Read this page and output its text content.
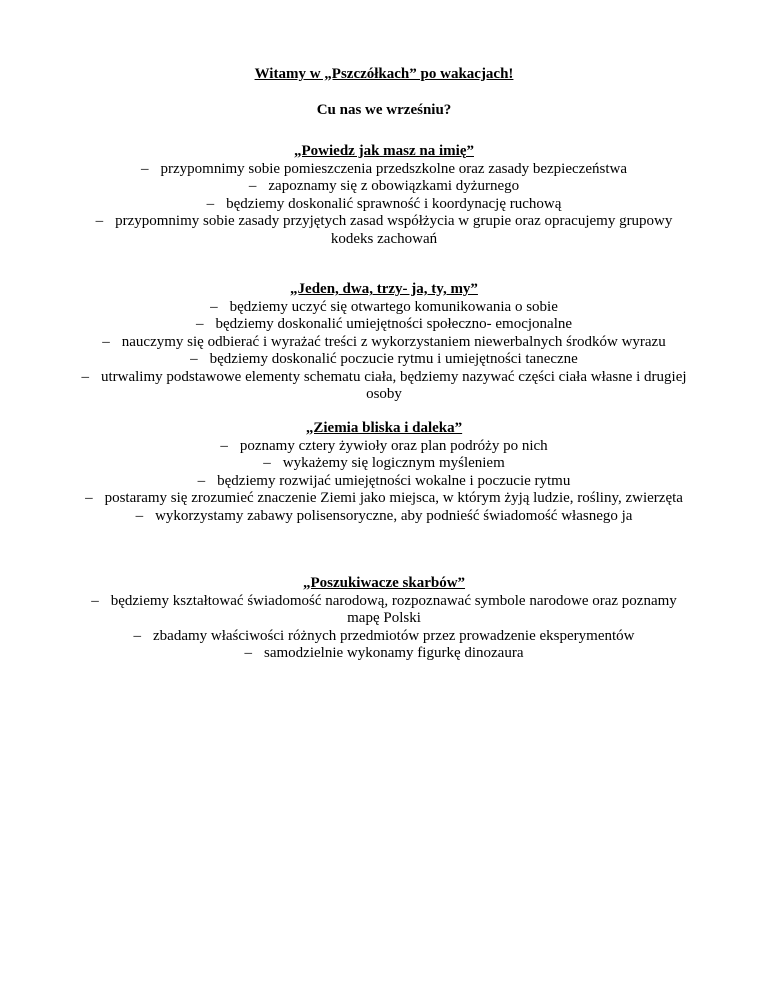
Witamy w „Pszczółkach” po wakacjach!
Cu nas we wrześniu?

„Powiedz jak masz na imię”

– przypomnimy sobie pomieszczenia przedszkolne oraz zasady bezpieczeństwa

– zapoznamy się z obowiązkami dyżurnego

– będziemy doskonalić sprawność i koordynację ruchową

– przypomnimy sobie zasady przyjętych zasad współżycia w grupie oraz opracujemy grupowy kodeks zachowań

„Jeden, dwa, trzy- ja, ty, my”

– będziemy uczyć się otwartego komunikowania o sobie

– będziemy doskonalić umiejętności społeczno- emocjonalne

– nauczymy się odbierać i wyrażać treści z wykorzystaniem niewerbalnych środków wyrazu

– będziemy doskonalić poczucie rytmu i umiejętności taneczne

– utrwalimy podstawowe elementy schematu ciała, będziemy nazywać części ciała własne i drugiej osoby

„Ziemia bliska i daleka”

– poznamy cztery żywioły oraz plan podróży po nich

– wykażemy się logicznym myśleniem

– będziemy rozwijać umiejętności wokalne i poczucie rytmu

– postaramy się zrozumieć znaczenie Ziemi jako miejsca, w którym żyją ludzie, rośliny, zwierzęta

– wykorzystamy zabawy polisensoryczne, aby podnieść świadomość własnego ja

„Poszukiwacze skarbów”

– będziemy kształtować świadomość narodową, rozpoznawać symbole narodowe oraz poznamy mapę Polski

– zbadamy właściwości różnych przedmiotów przez prowadzenie eksperymentów

– samodzielnie wykonamy figurkę dinozaura
